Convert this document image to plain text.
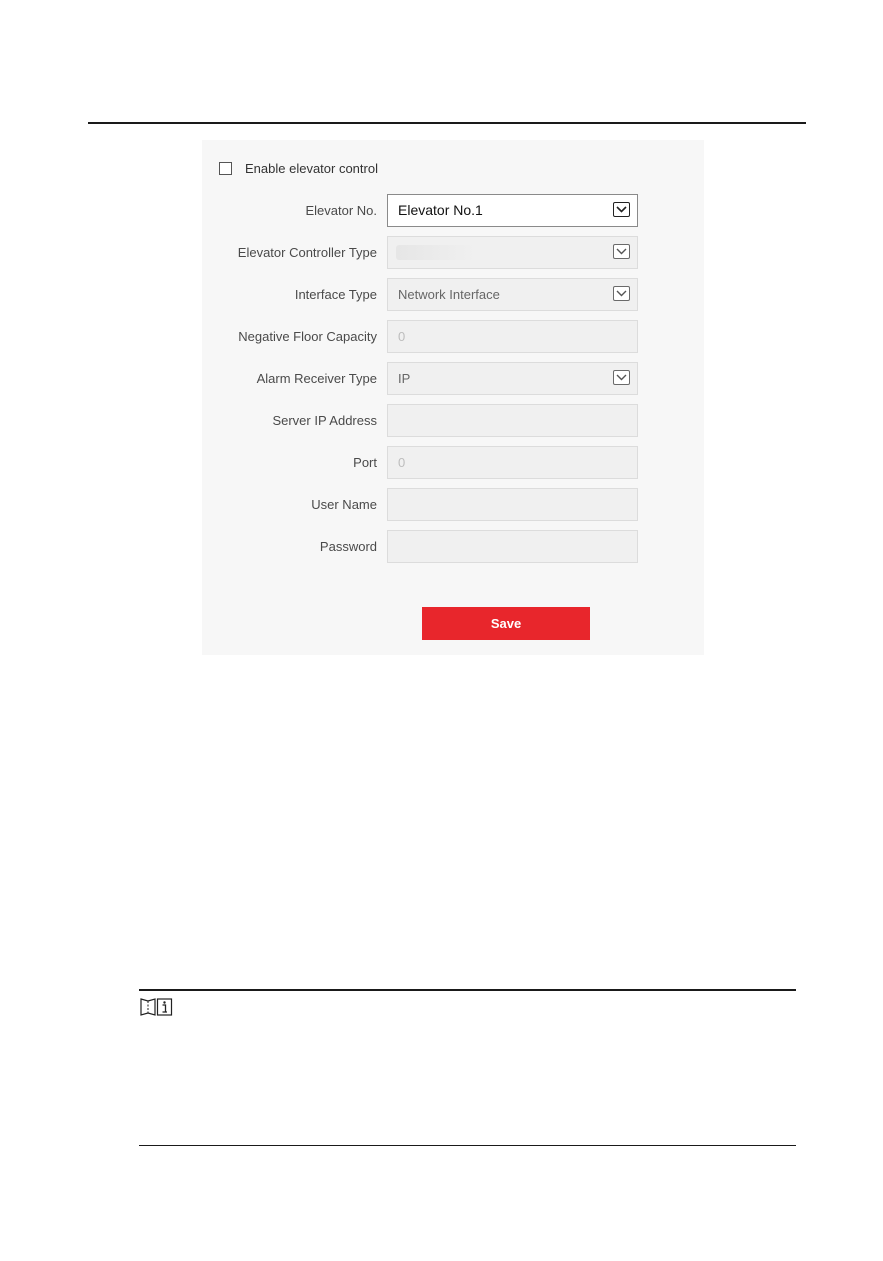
Enable elevator control
Elevator No. Elevator No.1
Elevator Controller Type
Interface Type Network Interface
Negative Floor Capacity 0
Alarm Receiver Type IP
Server IP Address
Port 0
User Name
Password
Save
